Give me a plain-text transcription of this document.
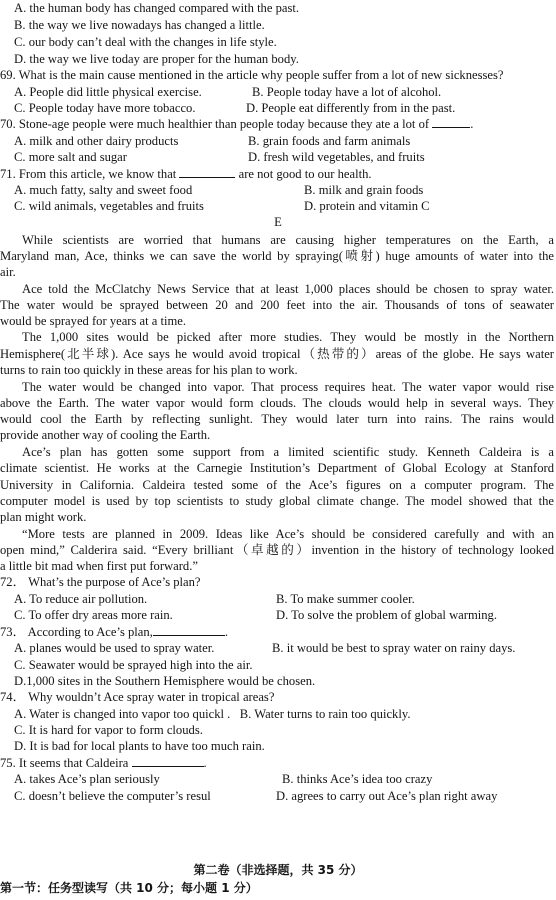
A. the human body has changed compared with the past.
B. the way we live nowadays has changed a little.
C. our body can’t deal with the changes in life style.
D. the way we live today are proper for the human body.
69. What is the main cause mentioned in the article why people suffer from a lot of new sicknesses?
A. People did little physical exercise.	B. People today have a lot of alcohol.
C. People today have more tobacco.	D. People eat differently from in the past.
70. Stone-age people were much healthier than people today because they ate a lot of	.
A. milk and other dairy products	B. grain foods and farm animals
C. more salt and sugar	D. fresh wild vegetables, and fruits
71. From this article, we know that	are not good to our health.
A. much fatty, salty and sweet food	B. milk and grain foods
C. wild animals, vegetables and fruits	D. protein and vitamin C
E
While scientists are worried that humans are causing higher temperatures on the Earth, a
Maryland man, Ace, thinks we can save the world by spraying(喷射) huge amounts of water into the
air.
Ace told the McClatchy News Service that at least 1,000 places should be chosen to spray water.
The water would be sprayed between 20 and 200 feet into the air. Thousands of tons of seawater
would be sprayed for years at a time.
The 1,000 sites would be picked after more studies. They would be mostly in the Northern
Hemisphere(北半球). Ace says he would avoid tropical（热带的）areas of the globe. He says water
turns to rain too quickly in these areas for his plan to work.
The water would be changed into vapor. That process requires heat. The water vapor would rise
above the Earth. The water vapor would form clouds. The clouds would help in several ways. They
would cool the Earth by reflecting sunlight. They would later turn into rains. The rains would
provide another way of cooling the Earth.
Ace’s plan has gotten some support from a limited scientific study. Kenneth Caldeira is a
climate scientist. He works at the Carnegie Institution’s Department of Global Ecology at Stanford
University in California. Caldeira tested some of the Ace’s figures on a computer program. The
computer model is used by top scientists to study global climate change. The model showed that the
plan might work.
“More tests are planned in 2009. Ideas like Ace’s should be considered carefully and with an
open mind,” Calderira said. “Every brilliant（卓越的）invention in the history of technology looked
a little bit mad when first put forward.”
72． What’s the purpose of Ace’s plan?
A. To reduce air pollution.	B. To make summer cooler.
C. To offer dry areas more rain.	D. To solve the problem of global warming.
73． According to Ace’s plan,	.
A. planes would be used to spray water.	B. it would be best to spray water on rainy days.
C. Seawater would be sprayed high into the air.
D.1,000 sites in the Southern Hemisphere would be chosen.
74． Why wouldn’t Ace spray water in tropical areas?
A. Water is changed into vapor too quickl .   B. Water turns to rain too quickly.
C. It is hard for vapor to form clouds.
D. It is bad for local plants to have too much rain.
75. It seems that Caldeira	.
A. takes Ace’s plan seriously	B. thinks Ace’s idea too crazy
C. doesn’t believe the computer’s resul	D. agrees to carry out Ace’s plan right away
第二卷（非选择题，共 35 分）
第一节：任务型读写（共 10 分；每小题 1 分）
